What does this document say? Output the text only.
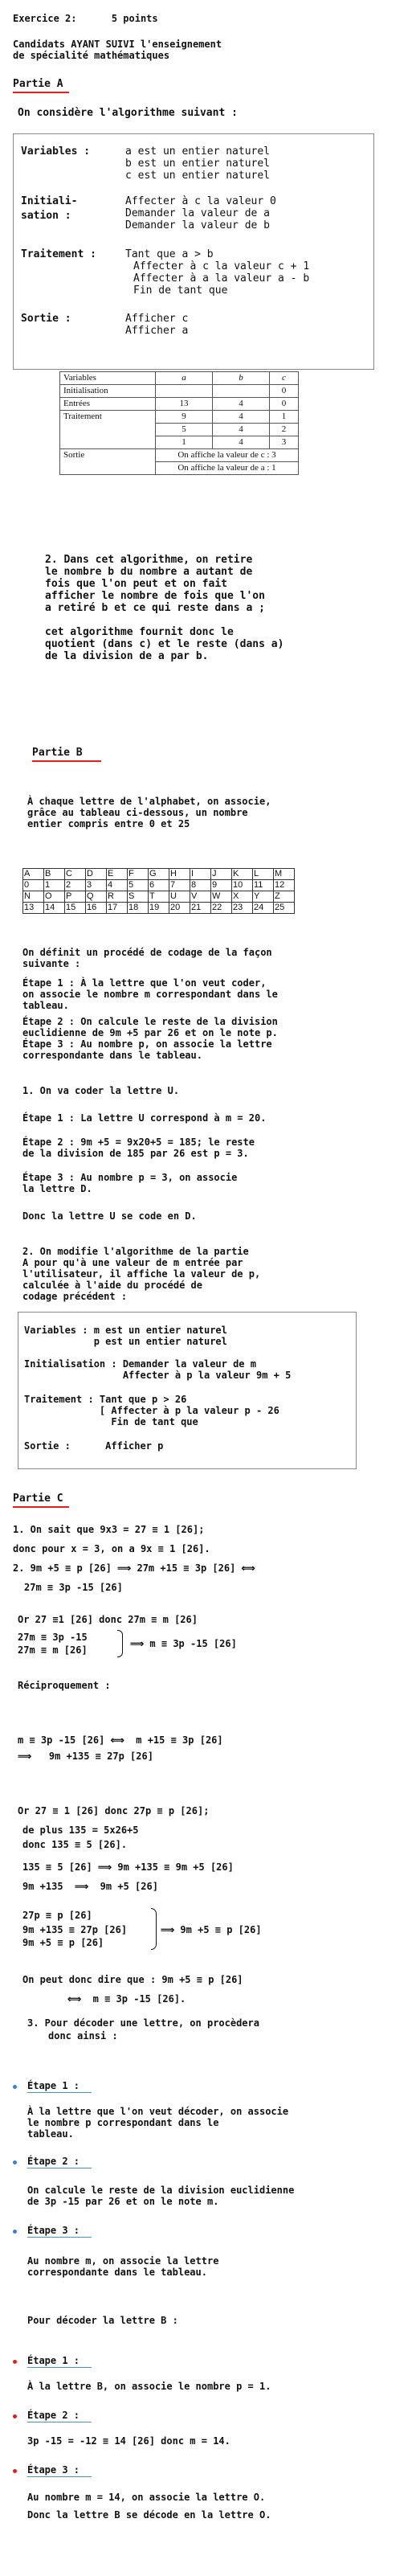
Exercice 2:      5 points
Candidats AYANT SUIVI l'enseignement
de spécialité mathématiques
Partie A
On considère l'algorithme suivant :
Variables :	a est un entier naturel
b est un entier naturel
c est un entier naturel
Initiali-
sation :
Affecter à c la valeur 0
Demander la valeur de a
Demander la valeur de b
Traitement :	Tant que a > b
Affecter à c la valeur c + 1
Affecter à a la valeur a - b
Fin de tant que
Sortie :	Afficher c
Afficher a
Variables	a	b	c
Initialisation			0
Entrées	13	4	0
Traitement	9	4	1
	5	4	2
	1	4	3
Sortie	On affiche la valeur de c : 3		
	On affiche la valeur de a : 1		
2. Dans cet algorithme, on retire
le nombre b du nombre a autant de
fois que l'on peut et on fait
afficher le nombre de fois que l'on
a retiré b et ce qui reste dans a ;
cet algorithme fournit donc le
quotient (dans c) et le reste (dans a)
de la division de a par b.
Partie B
À chaque lettre de l'alphabet, on associe,
grâce au tableau ci-dessous, un nombre
entier compris entre 0 et 25
A	B	C	D	E	F	G	H	I	J	K	L	M
0	1	2	3	4	5	6	7	8	9	10	11	12
N	O	P	Q	R	S	T	U	V	W	X	Y	Z
13	14	15	16	17	18	19	20	21	22	23	24	25
On définit un procédé de codage de la façon
suivante :
Étape 1 : À la lettre que l'on veut coder,
on associe le nombre m correspondant dans le
tableau.
Étape 2 : On calcule le reste de la division
euclidienne de 9m +5 par 26 et on le note p.
Étape 3 : Au nombre p, on associe la lettre
correspondante dans le tableau.
1. On va coder la lettre U.
Étape 1 : La lettre U correspond à m = 20.
Étape 2 : 9m +5 = 9x20+5 = 185; le reste
de la division de 185 par 26 est p = 3.
Étape 3 : Au nombre p = 3, on associe
la lettre D.
Donc la lettre U se code en D.
2. On modifie l'algorithme de la partie
A pour qu'à une valeur de m entrée par
l'utilisateur, il affiche la valeur de p,
calculée à l'aide du procédé de
codage précédent :
Variables : m est un entier naturel
p est un entier naturel
Initialisation : Demander la valeur de m
Affecter à p la valeur 9m + 5
Traitement : Tant que p > 26
[ Affecter à p la valeur p - 26
Fin de tant que
Sortie :      Afficher p
Partie C
1. On sait que 9x3 = 27 ≡ 1 [26];
donc pour x = 3, on a 9x ≡ 1 [26].
2. 9m +5 ≡ p [26] ⟹ 27m +15 ≡ 3p [26] ⟺
27m ≡ 3p -15 [26]
Or 27 ≡1 [26] donc 27m ≡ m [26]
27m ≡ 3p -15
27m ≡ m [26]
⟹ m ≡ 3p -15 [26]
Réciproquement :
m ≡ 3p -15 [26] ⟺  m +15 ≡ 3p [26]
⟹   9m +135 ≡ 27p [26]
Or 27 ≡ 1 [26] donc 27p ≡ p [26];
de plus 135 = 5x26+5
donc 135 ≡ 5 [26].
135 ≡ 5 [26] ⟹ 9m +135 ≡ 9m +5 [26]
9m +135  ⟹  9m +5 [26]
27p ≡ p [26]
9m +135 ≡ 27p [26]
9m +5 ≡ p [26]
⟹ 9m +5 ≡ p [26]
On peut donc dire que : 9m +5 ≡ p [26]
⟺  m ≡ 3p -15 [26].
3. Pour décoder une lettre, on procèdera
donc ainsi :
Étape 1 :
À la lettre que l'on veut décoder, on associe
le nombre p correspondant dans le
tableau.
Étape 2 :
On calcule le reste de la division euclidienne
de 3p -15 par 26 et on le note m.
Étape 3 :
Au nombre m, on associe la lettre
correspondante dans le tableau.
Pour décoder la lettre B :
Étape 1 :
À la lettre B, on associe le nombre p = 1.
Étape 2 :
3p -15 = -12 ≡ 14 [26] donc m = 14.
Étape 3 :
Au nombre m = 14, on associe la lettre O.
Donc la lettre B se décode en la lettre O.
